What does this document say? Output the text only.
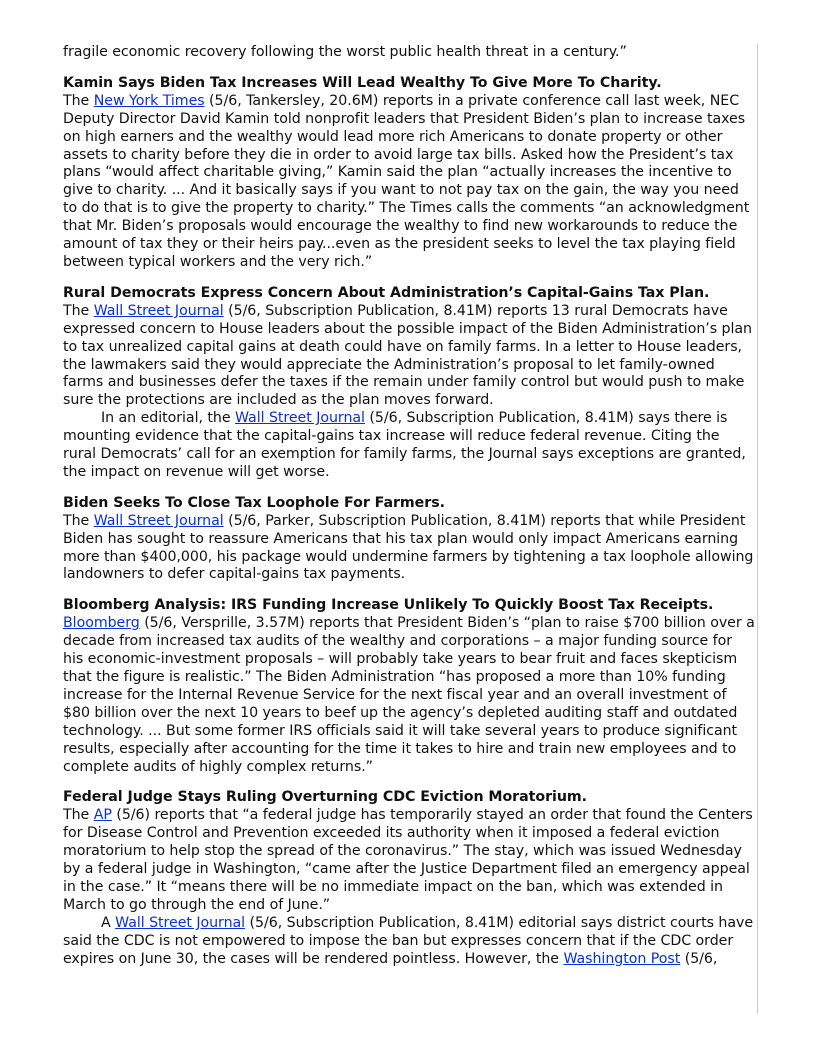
fragile economic recovery following the worst public health threat in a century.”

Kamin Says Biden Tax Increases Will Lead Wealthy To Give More To Charity.

The New York Times (5/6, Tankersley, 20.6M) reports in a private conference call last week, NEC Deputy Director David Kamin told nonprofit leaders that President Biden’s plan to increase taxes on high earners and the wealthy would lead more rich Americans to donate property or other assets to charity before they die in order to avoid large tax bills. Asked how the President’s tax plans “would affect charitable giving,” Kamin said the plan “actually increases the incentive to give to charity. ... And it basically says if you want to not pay tax on the gain, the way you need to do that is to give the property to charity.” The Times calls the comments “an acknowledgment that Mr. Biden’s proposals would encourage the wealthy to find new workarounds to reduce the amount of tax they or their heirs pay...even as the president seeks to level the tax playing field between typical workers and the very rich.”

Rural Democrats Express Concern About Administration’s Capital-Gains Tax Plan.

The Wall Street Journal (5/6, Subscription Publication, 8.41M) reports 13 rural Democrats have expressed concern to House leaders about the possible impact of the Biden Administration’s plan to tax unrealized capital gains at death could have on family farms. In a letter to House leaders, the lawmakers said they would appreciate the Administration’s proposal to let family-owned farms and businesses defer the taxes if the remain under family control but would push to make sure the protections are included as the plan moves forward.

In an editorial, the Wall Street Journal (5/6, Subscription Publication, 8.41M) says there is mounting evidence that the capital-gains tax increase will reduce federal revenue. Citing the rural Democrats’ call for an exemption for family farms, the Journal says exceptions are granted, the impact on revenue will get worse.

Biden Seeks To Close Tax Loophole For Farmers.

The Wall Street Journal (5/6, Parker, Subscription Publication, 8.41M) reports that while President Biden has sought to reassure Americans that his tax plan would only impact Americans earning more than $400,000, his package would undermine farmers by tightening a tax loophole allowing landowners to defer capital-gains tax payments.

Bloomberg Analysis: IRS Funding Increase Unlikely To Quickly Boost Tax Receipts.

Bloomberg (5/6, Versprille, 3.57M) reports that President Biden’s “plan to raise $700 billion over a decade from increased tax audits of the wealthy and corporations – a major funding source for his economic-investment proposals – will probably take years to bear fruit and faces skepticism that the figure is realistic.” The Biden Administration “has proposed a more than 10% funding increase for the Internal Revenue Service for the next fiscal year and an overall investment of $80 billion over the next 10 years to beef up the agency’s depleted auditing staff and outdated technology. ... But some former IRS officials said it will take several years to produce significant results, especially after accounting for the time it takes to hire and train new employees and to complete audits of highly complex returns.”

Federal Judge Stays Ruling Overturning CDC Eviction Moratorium.

The AP (5/6) reports that “a federal judge has temporarily stayed an order that found the Centers for Disease Control and Prevention exceeded its authority when it imposed a federal eviction moratorium to help stop the spread of the coronavirus.” The stay, which was issued Wednesday by a federal judge in Washington, “came after the Justice Department filed an emergency appeal in the case.” It “means there will be no immediate impact on the ban, which was extended in March to go through the end of June.”

A Wall Street Journal (5/6, Subscription Publication, 8.41M) editorial says district courts have said the CDC is not empowered to impose the ban but expresses concern that if the CDC order expires on June 30, the cases will be rendered pointless. However, the Washington Post (5/6,
